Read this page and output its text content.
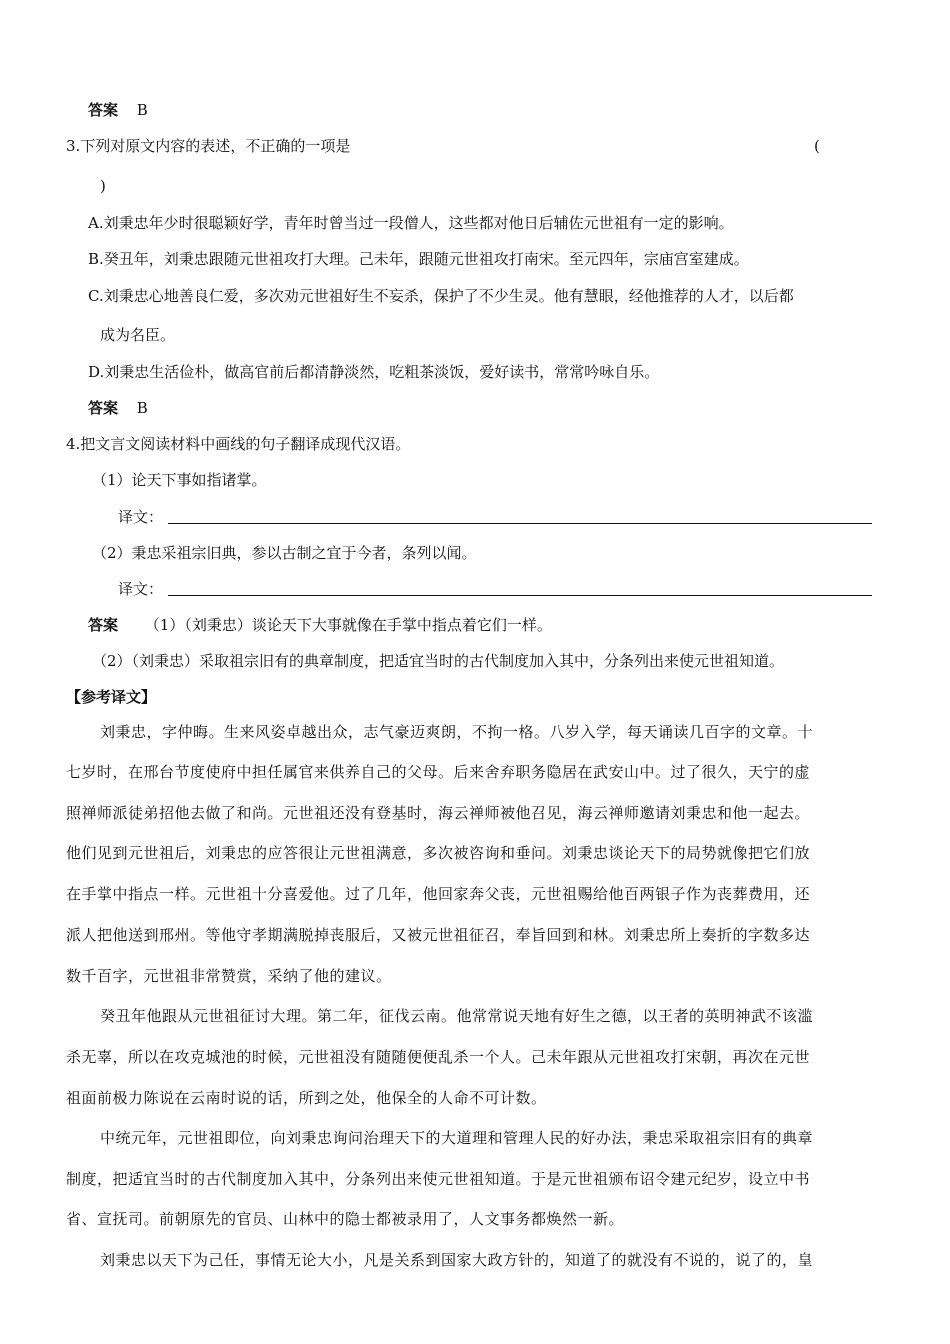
答案 B
3.下列对原文内容的表述，不正确的一项是	(
)
A.刘秉忠年少时很聪颖好学，青年时曾当过一段僧人，这些都对他日后辅佐元世祖有一定的影响。
B.癸丑年，刘秉忠跟随元世祖攻打大理。己未年，跟随元世祖攻打南宋。至元四年，宗庙宫室建成。
C.刘秉忠心地善良仁爱，多次劝元世祖好生不妄杀，保护了不少生灵。他有慧眼，经他推荐的人才，以后都
成为名臣。
D.刘秉忠生活俭朴，做高官前后都清静淡然，吃粗茶淡饭，爱好读书，常常吟咏自乐。
答案 B
4.把文言文阅读材料中画线的句子翻译成现代汉语。
（1）论天下事如指诸掌。
译文：
（2）秉忠采祖宗旧典，参以古制之宜于今者，条列以闻。
译文：
答案 （1）（刘秉忠）谈论天下大事就像在手掌中指点着它们一样。
（2）（刘秉忠）采取祖宗旧有的典章制度，把适宜当时的古代制度加入其中，分条列出来使元世祖知道。
【参考译文】
刘秉忠，字仲晦。生来风姿卓越出众，志气豪迈爽朗，不拘一格。八岁入学，每天诵读几百字的文章。十
七岁时，在邢台节度使府中担任属官来供养自己的父母。后来舍弃职务隐居在武安山中。过了很久，天宁的虚
照禅师派徒弟招他去做了和尚。元世祖还没有登基时，海云禅师被他召见，海云禅师邀请刘秉忠和他一起去。
他们见到元世祖后，刘秉忠的应答很让元世祖满意，多次被咨询和垂问。刘秉忠谈论天下的局势就像把它们放
在手掌中指点一样。元世祖十分喜爱他。过了几年，他回家奔父丧，元世祖赐给他百两银子作为丧葬费用，还
派人把他送到邢州。等他守孝期满脱掉丧服后，又被元世祖征召，奉旨回到和林。刘秉忠所上奏折的字数多达
数千百字，元世祖非常赞赏，采纳了他的建议。
癸丑年他跟从元世祖征讨大理。第二年，征伐云南。他常常说天地有好生之德，以王者的英明神武不该滥
杀无辜，所以在攻克城池的时候，元世祖没有随随便便乱杀一个人。己未年跟从元世祖攻打宋朝，再次在元世
祖面前极力陈说在云南时说的话，所到之处，他保全的人命不可计数。
中统元年，元世祖即位，向刘秉忠询问治理天下的大道理和管理人民的好办法，秉忠采取祖宗旧有的典章
制度，把适宜当时的古代制度加入其中，分条列出来使元世祖知道。于是元世祖颁布诏令建元纪岁，设立中书
省、宣抚司。前朝原先的官员、山林中的隐士都被录用了，人文事务都焕然一新。
刘秉忠以天下为己任，事情无论大小，凡是关系到国家大政方针的，知道了的就没有不说的，说了的，皇
